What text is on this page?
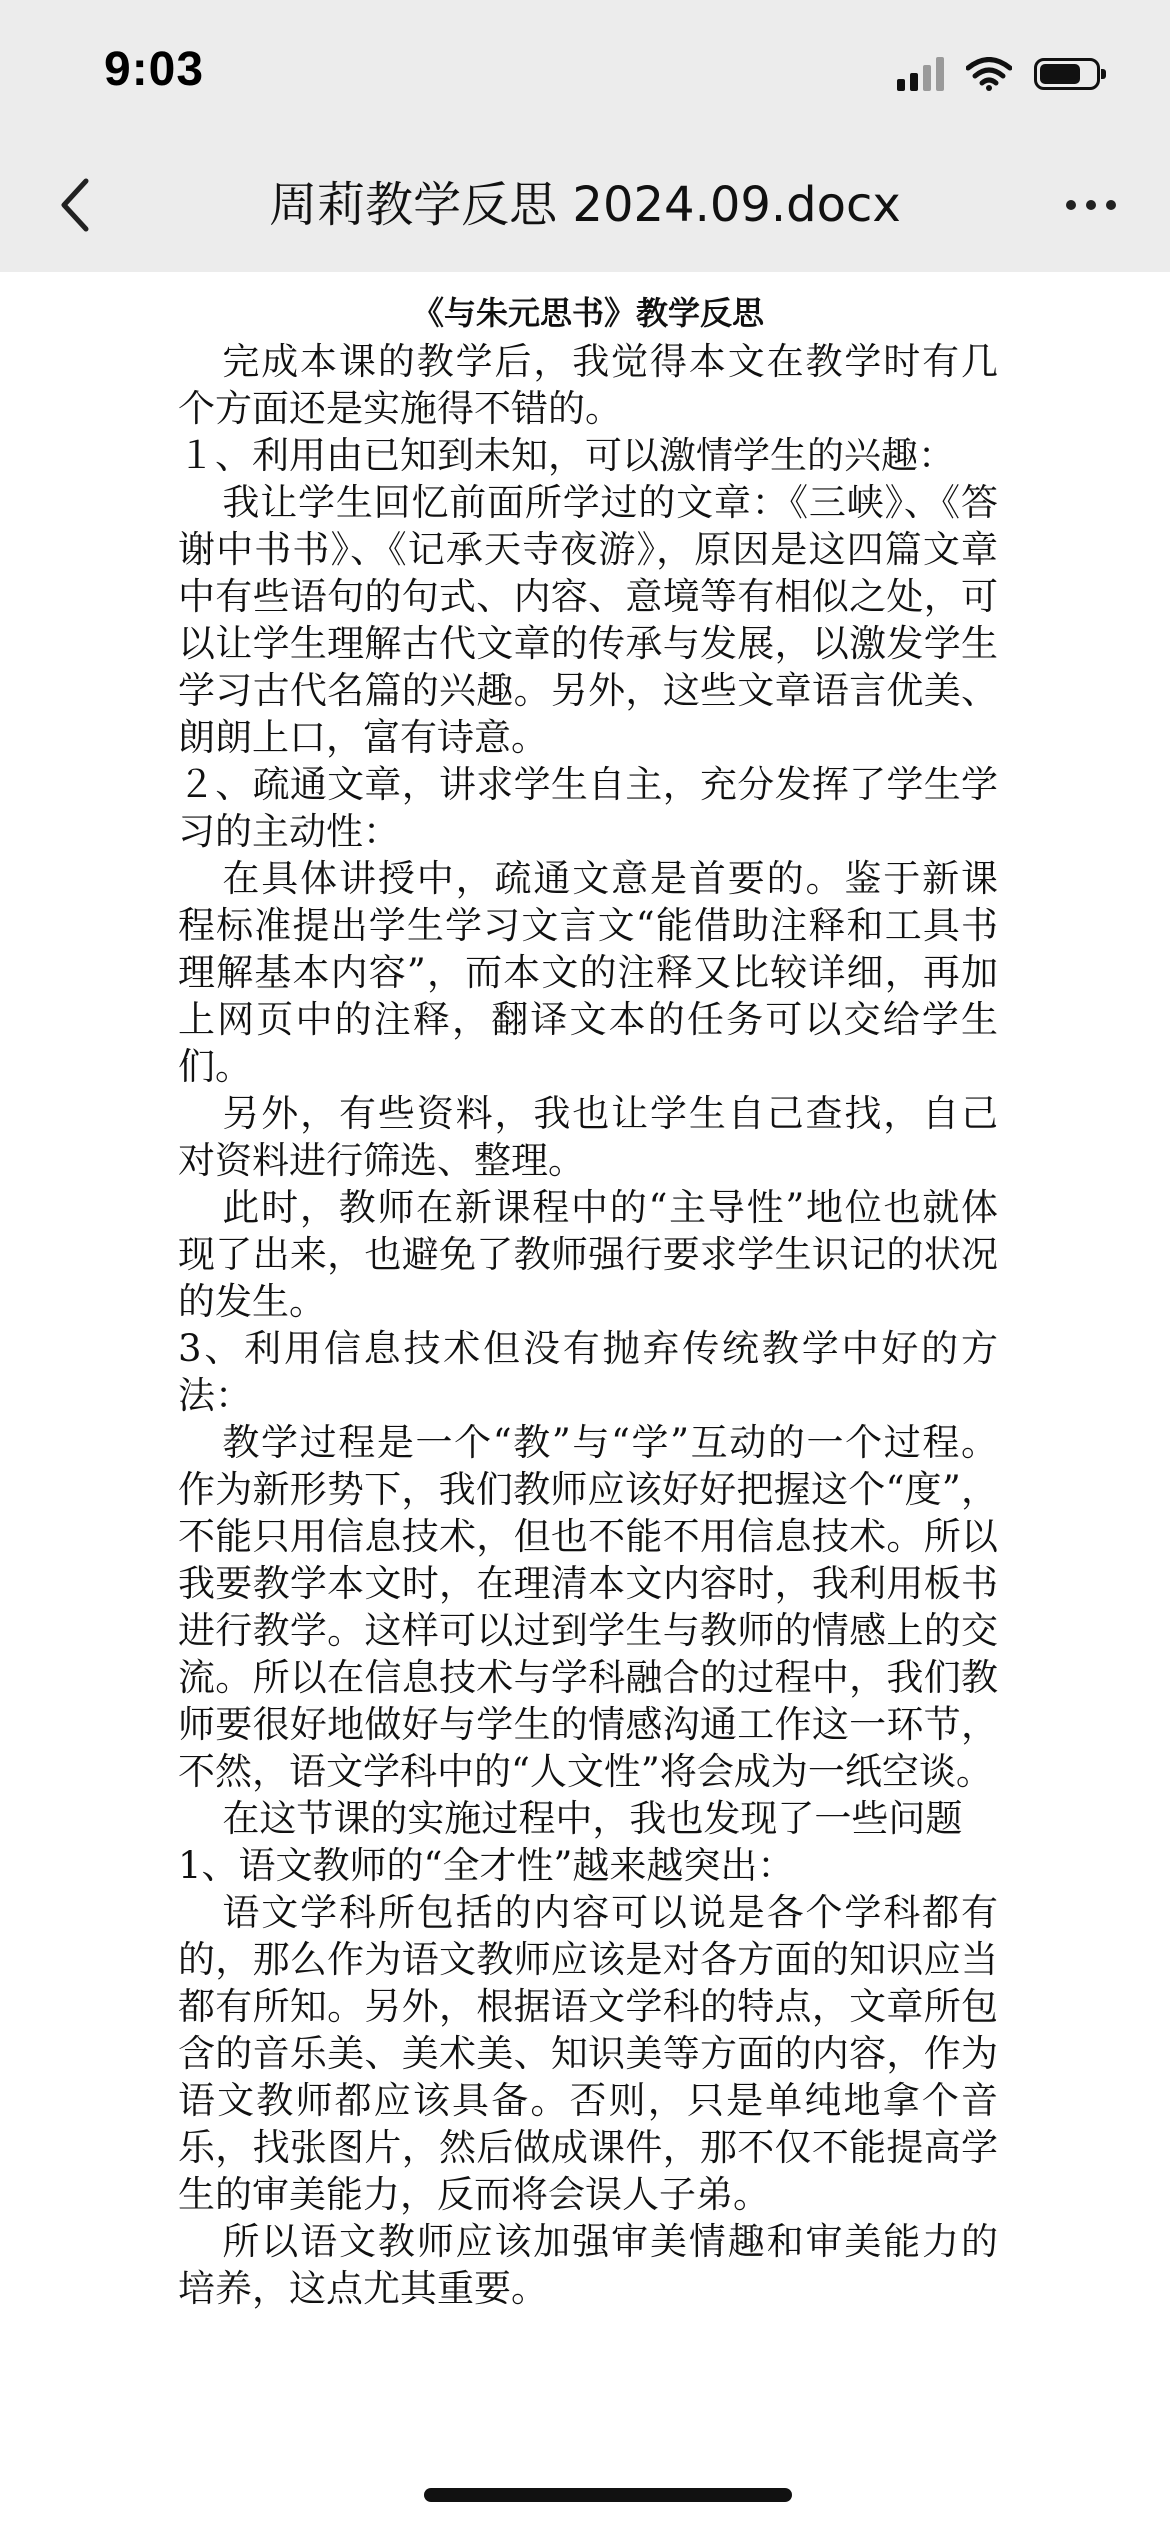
9:03
周莉教学反思 2024.09.docx
《与朱元思书》教学反思

完成本课的教学后，我觉得本文在教学时有几个方面还是实施得不错的。

１、利用由已知到未知，可以激情学生的兴趣：

我让学生回忆前面所学过的文章：《三峡》、《答谢中书书》、《记承天寺夜游》，原因是这四篇文章中有些语句的句式、内容、意境等有相似之处，可以让学生理解古代文章的传承与发展，以激发学生学习古代名篇的兴趣。另外，这些文章语言优美、朗朗上口，富有诗意。

２、疏通文章，讲求学生自主，充分发挥了学生学习的主动性：

在具体讲授中，疏通文意是首要的。鉴于新课程标准提出学生学习文言文“能借助注释和工具书理解基本内容”，而本文的注释又比较详细，再加上网页中的注释，翻译文本的任务可以交给学生们。

另外，有些资料，我也让学生自己查找，自己对资料进行筛选、整理。

此时，教师在新课程中的“主导性”地位也就体现了出来，也避免了教师强行要求学生识记的状况的发生。

3、利用信息技术但没有抛弃传统教学中好的方法：

教学过程是一个“教”与“学”互动的一个过程。作为新形势下，我们教师应该好好把握这个“度”，不能只用信息技术，但也不能不用信息技术。所以我要教学本文时，在理清本文内容时，我利用板书进行教学。这样可以过到学生与教师的情感上的交流。所以在信息技术与学科融合的过程中，我们教师要很好地做好与学生的情感沟通工作这一环节，不然，语文学科中的“人文性”将会成为一纸空谈。

在这节课的实施过程中，我也发现了一些问题

1、语文教师的“全才性”越来越突出：

语文学科所包括的内容可以说是各个学科都有的，那么作为语文教师应该是对各方面的知识应当都有所知。另外，根据语文学科的特点，文章所包含的音乐美、美术美、知识美等方面的内容，作为语文教师都应该具备。否则，只是单纯地拿个音乐，找张图片，然后做成课件，那不仅不能提高学生的审美能力，反而将会误人子弟。

所以语文教师应该加强审美情趣和审美能力的培养，这点尤其重要。
